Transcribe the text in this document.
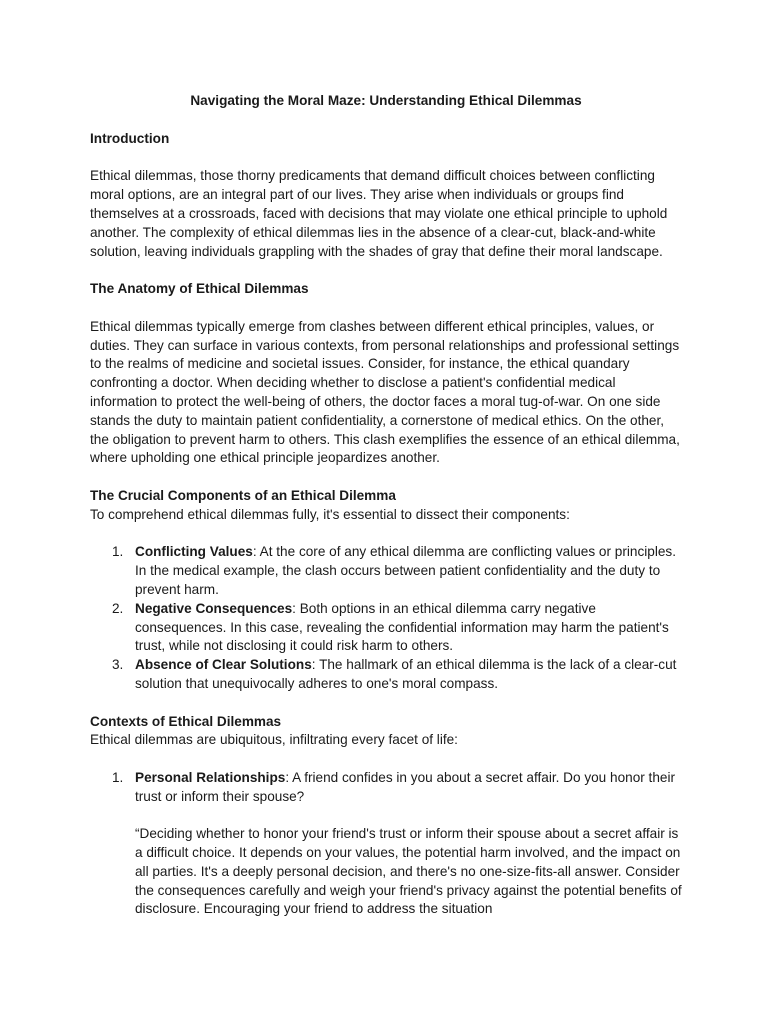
Navigating the Moral Maze: Understanding Ethical Dilemmas
Introduction

Ethical dilemmas, those thorny predicaments that demand difficult choices between conflicting moral options, are an integral part of our lives. They arise when individuals or groups find themselves at a crossroads, faced with decisions that may violate one ethical principle to uphold another. The complexity of ethical dilemmas lies in the absence of a clear-cut, black-and-white solution, leaving individuals grappling with the shades of gray that define their moral landscape.

The Anatomy of Ethical Dilemmas

Ethical dilemmas typically emerge from clashes between different ethical principles, values, or duties. They can surface in various contexts, from personal relationships and professional settings to the realms of medicine and societal issues. Consider, for instance, the ethical quandary confronting a doctor. When deciding whether to disclose a patient's confidential medical information to protect the well-being of others, the doctor faces a moral tug-of-war. On one side stands the duty to maintain patient confidentiality, a cornerstone of medical ethics. On the other, the obligation to prevent harm to others. This clash exemplifies the essence of an ethical dilemma, where upholding one ethical principle jeopardizes another.

The Crucial Components of an Ethical Dilemma

To comprehend ethical dilemmas fully, it's essential to dissect their components:

1. Conflicting Values: At the core of any ethical dilemma are conflicting values or principles. In the medical example, the clash occurs between patient confidentiality and the duty to prevent harm.
2. Negative Consequences: Both options in an ethical dilemma carry negative consequences. In this case, revealing the confidential information may harm the patient's trust, while not disclosing it could risk harm to others.
3. Absence of Clear Solutions: The hallmark of an ethical dilemma is the lack of a clear-cut solution that unequivocally adheres to one's moral compass.
Contexts of Ethical Dilemmas

Ethical dilemmas are ubiquitous, infiltrating every facet of life:

1. Personal Relationships: A friend confides in you about a secret affair. Do you honor their trust or inform their spouse?

“Deciding whether to honor your friend's trust or inform their spouse about a secret affair is a difficult choice. It depends on your values, the potential harm involved, and the impact on all parties. It's a deeply personal decision, and there's no one-size-fits-all answer. Consider the consequences carefully and weigh your friend's privacy against the potential benefits of disclosure. Encouraging your friend to address the situation
